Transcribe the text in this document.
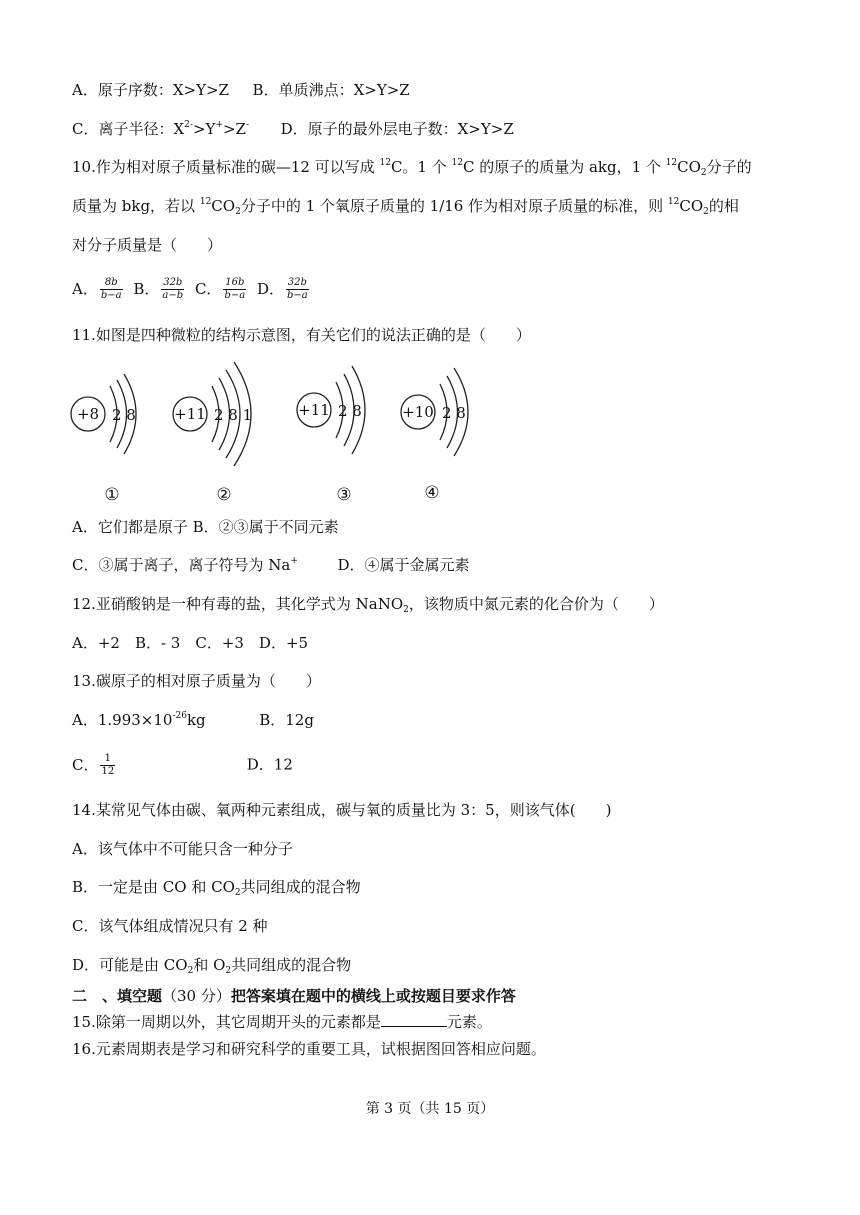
A．原子序数：X>Y>Z B．单质沸点：X>Y>Z
C．离子半径：$X^{2-}>Y^+>Z^-$ D．原子的最外层电子数：X>Y>Z
10.作为相对原子质量标准的碳—12 可以写成 $^{12}$C。1 个 $^{12}$C 的原子的质量为 akg，1 个 $^{12}CO_2$分子的
质量为 bkg，若以 $^{12}CO_2$分子中的 1 个氧原子质量的 1/16 作为相对原子质量的标准，则 $^{12}CO_2$的相
对分子质量是（　　）
A． $\frac{8b}{b-a}$ B． $\frac{32b}{a-b}$ C． $\frac{16b}{b-a}$ D． $\frac{32b}{b-a}$
11.如图是四种微粒的结构示意图，有关它们的说法正确的是（　　）
+8 2 8	+11 2 8 1	+11 2 8	+10 2 8
①	②	③	④
A．它们都是原子 B．②③属于不同元素
C．③属于离子，离子符号为 Na+	D．④属于金属元素
12.亚硝酸钠是一种有毒的盐，其化学式为 NaNO$_2$，该物质中氮元素的化合价为（　　）
A．+2　B．- 3　C．+3　D．+5
13.碳原子的相对原子质量为（　　）
A．$1.993\times 10^{-26}kg$	B．12g
C． $\frac{1}{12}$	D．12
14.某常见气体由碳、氧两种元素组成，碳与氧的质量比为 3：5，则该气体(　　)
A．该气体中不可能只含一种分子
B．一定是由 CO 和 $CO_2$共同组成的混合物
C．该气体组成情况只有 2 种
D．可能是由 $CO_2$和 $O_2$共同组成的混合物
二　、填空题（30 分）把答案填在题中的横线上或按题目要求作答
15.除第一周期以外，其它周期开头的元素都是	元素。
16.元素周期表是学习和研究科学的重要工具，试根据图回答相应问题。
第 3 页（共 15 页）
